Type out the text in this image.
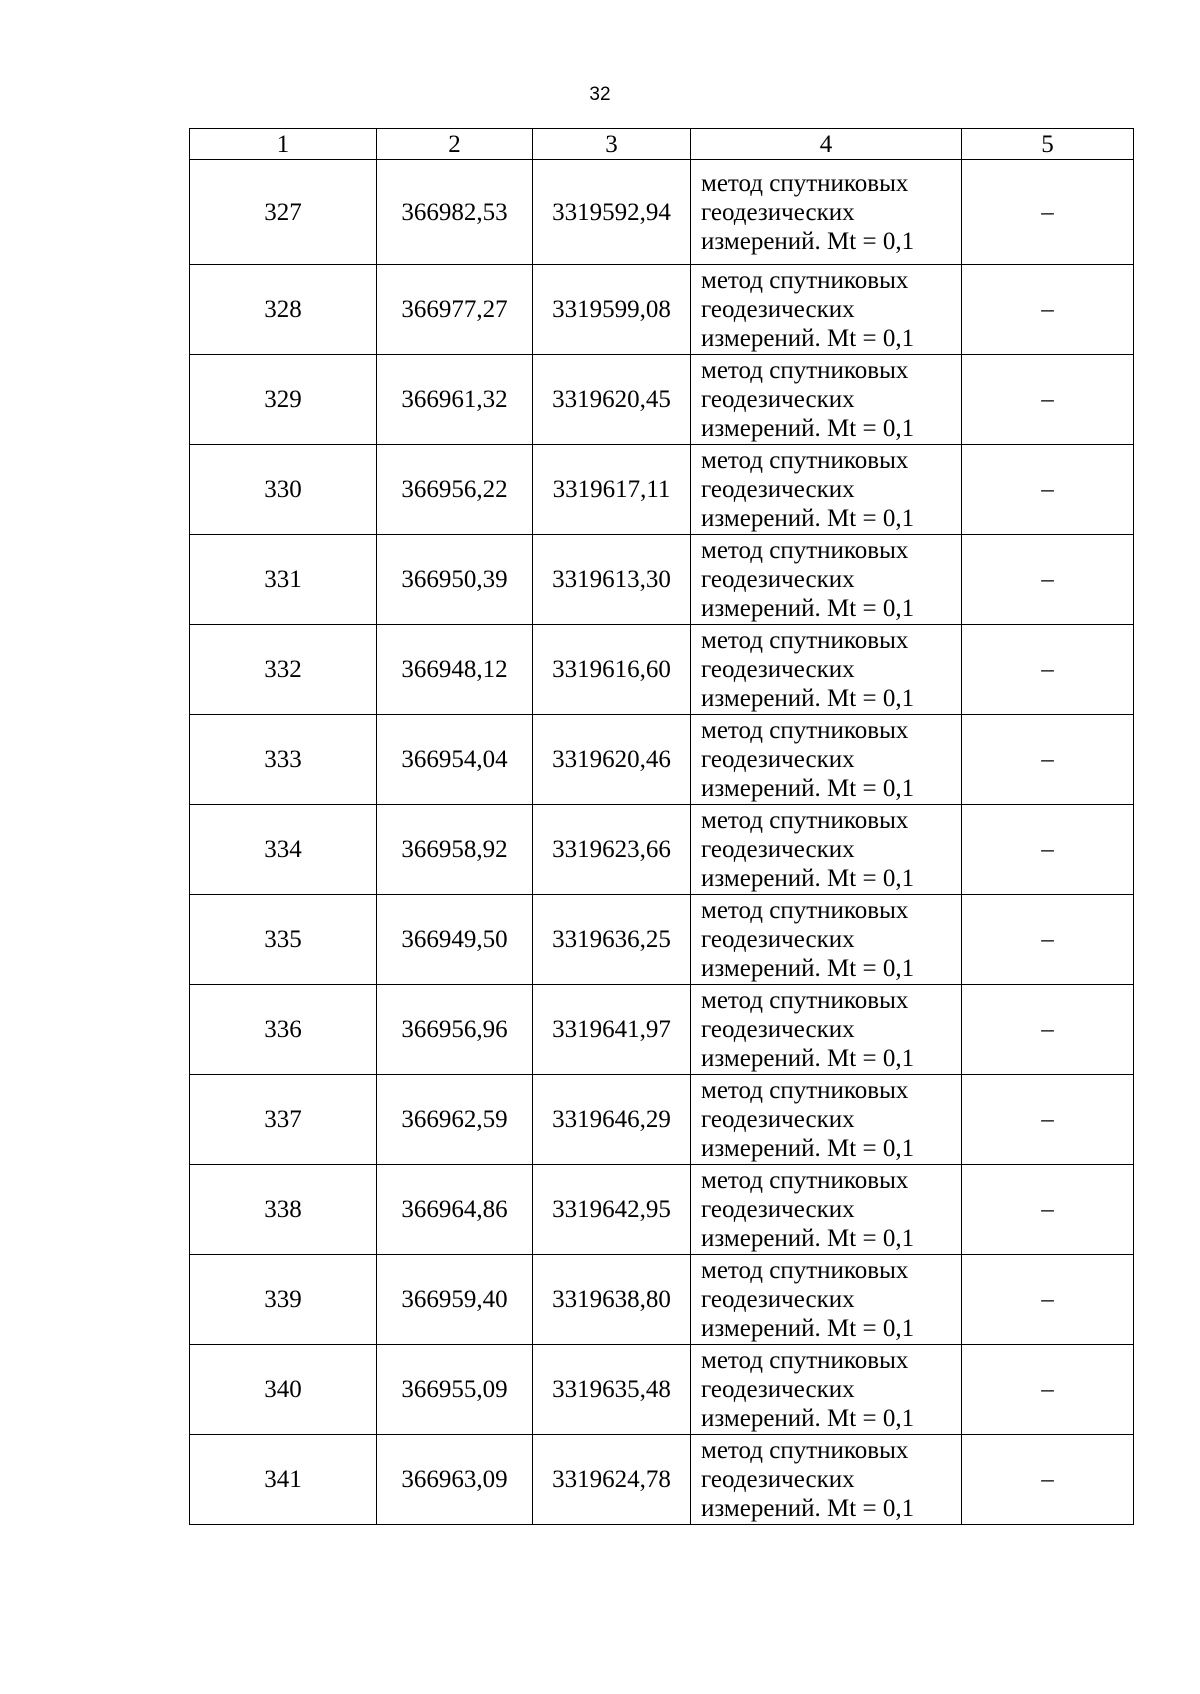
32
1	2	3	4	5
327	366982,53	3319592,94	метод спутниковых
геодезических
измерений. Mt = 0,1	–
328	366977,27	3319599,08	метод спутниковых
геодезических
измерений. Mt = 0,1	–
329	366961,32	3319620,45	метод спутниковых
геодезических
измерений. Mt = 0,1	–
330	366956,22	3319617,11	метод спутниковых
геодезических
измерений. Mt = 0,1	–
331	366950,39	3319613,30	метод спутниковых
геодезических
измерений. Mt = 0,1	–
332	366948,12	3319616,60	метод спутниковых
геодезических
измерений. Mt = 0,1	–
333	366954,04	3319620,46	метод спутниковых
геодезических
измерений. Mt = 0,1	–
334	366958,92	3319623,66	метод спутниковых
геодезических
измерений. Mt = 0,1	–
335	366949,50	3319636,25	метод спутниковых
геодезических
измерений. Mt = 0,1	–
336	366956,96	3319641,97	метод спутниковых
геодезических
измерений. Mt = 0,1	–
337	366962,59	3319646,29	метод спутниковых
геодезических
измерений. Mt = 0,1	–
338	366964,86	3319642,95	метод спутниковых
геодезических
измерений. Mt = 0,1	–
339	366959,40	3319638,80	метод спутниковых
геодезических
измерений. Mt = 0,1	–
340	366955,09	3319635,48	метод спутниковых
геодезических
измерений. Mt = 0,1	–
341	366963,09	3319624,78	метод спутниковых
геодезических
измерений. Mt = 0,1	–
